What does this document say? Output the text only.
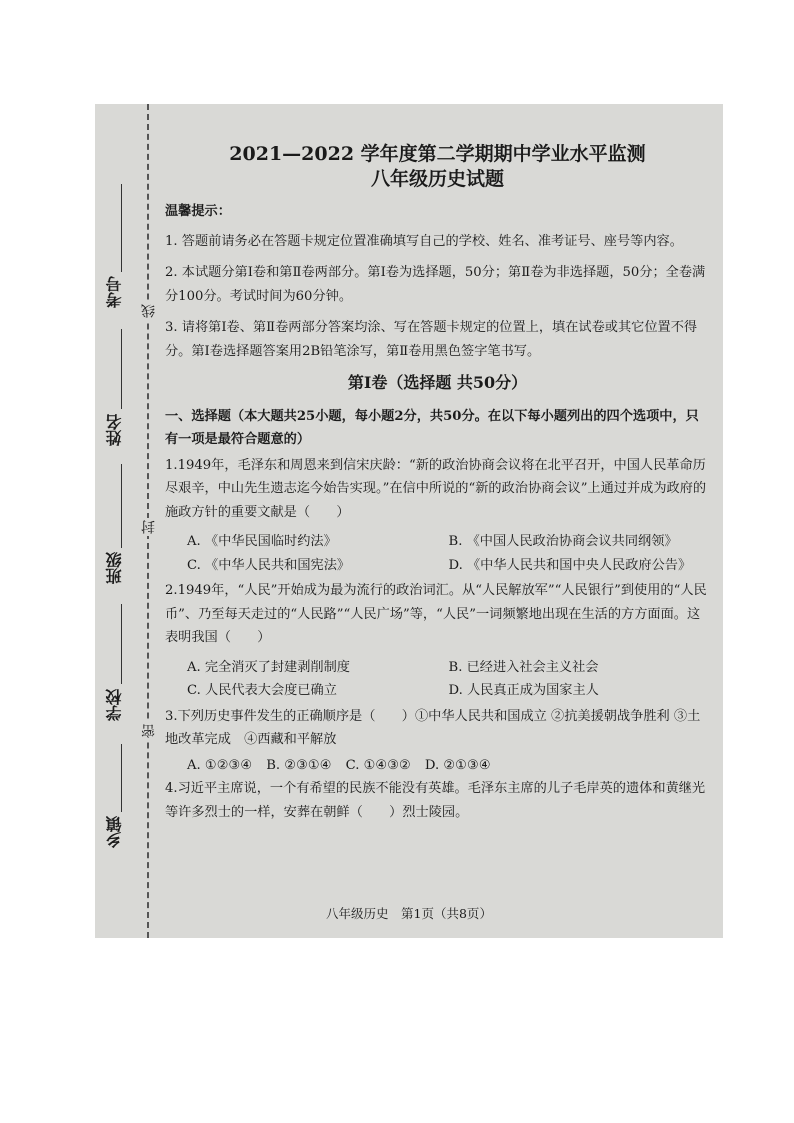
考号
姓名
班级
学校
乡镇
线
封
密

2021—2022 学年度第二学期期中学业水平监测

八年级历史试题

温馨提示：

1. 答题前请务必在答题卡规定位置准确填写自己的学校、姓名、准考证号、座号等内容。

2. 本试题分第Ⅰ卷和第Ⅱ卷两部分。第Ⅰ卷为选择题，50分；第Ⅱ卷为非选择题，50分；全卷满分100分。考试时间为60分钟。

3. 请将第Ⅰ卷、第Ⅱ卷两部分答案均涂、写在答题卡规定的位置上，填在试卷或其它位置不得分。第Ⅰ卷选择题答案用2B铅笔涂写，第Ⅱ卷用黑色签字笔书写。

第Ⅰ卷（选择题 共50分）

一、选择题（本大题共25小题，每小题2分，共50分。在以下每小题列出的四个选项中，只有一项是最符合题意的）

1.1949年，毛泽东和周恩来到信宋庆龄：“新的政治协商会议将在北平召开，中国人民革命历尽艰辛，中山先生遗志迄今始告实现。”在信中所说的“新的政治协商会议”上通过并成为政府的施政方针的重要文献是（　　）

A. 《中华民国临时约法》	B. 《中国人民政治协商会议共同纲领》
C. 《中华人民共和国宪法》	D. 《中华人民共和国中央人民政府公告》

2.1949年，“人民”开始成为最为流行的政治词汇。从“人民解放军”“人民银行”到使用的“人民币”、乃至每天走过的“人民路”“人民广场”等，“人民”一词频繁地出现在生活的方方面面。这表明我国（　　）

A. 完全消灭了封建剥削制度	B. 已经进入社会主义社会
C. 人民代表大会度已确立	D. 人民真正成为国家主人

3.下列历史事件发生的正确顺序是（　　）①中华人民共和国成立 ②抗美援朝战争胜利 ③土地改革完成　④西藏和平解放

A. ①②③④ B. ②③①④ C. ①④③② D. ②①③④

4.习近平主席说，一个有希望的民族不能没有英雄。毛泽东主席的儿子毛岸英的遗体和黄继光等许多烈士的一样，安葬在朝鲜（　　）烈士陵园。

八年级历史　第1页（共8页）
